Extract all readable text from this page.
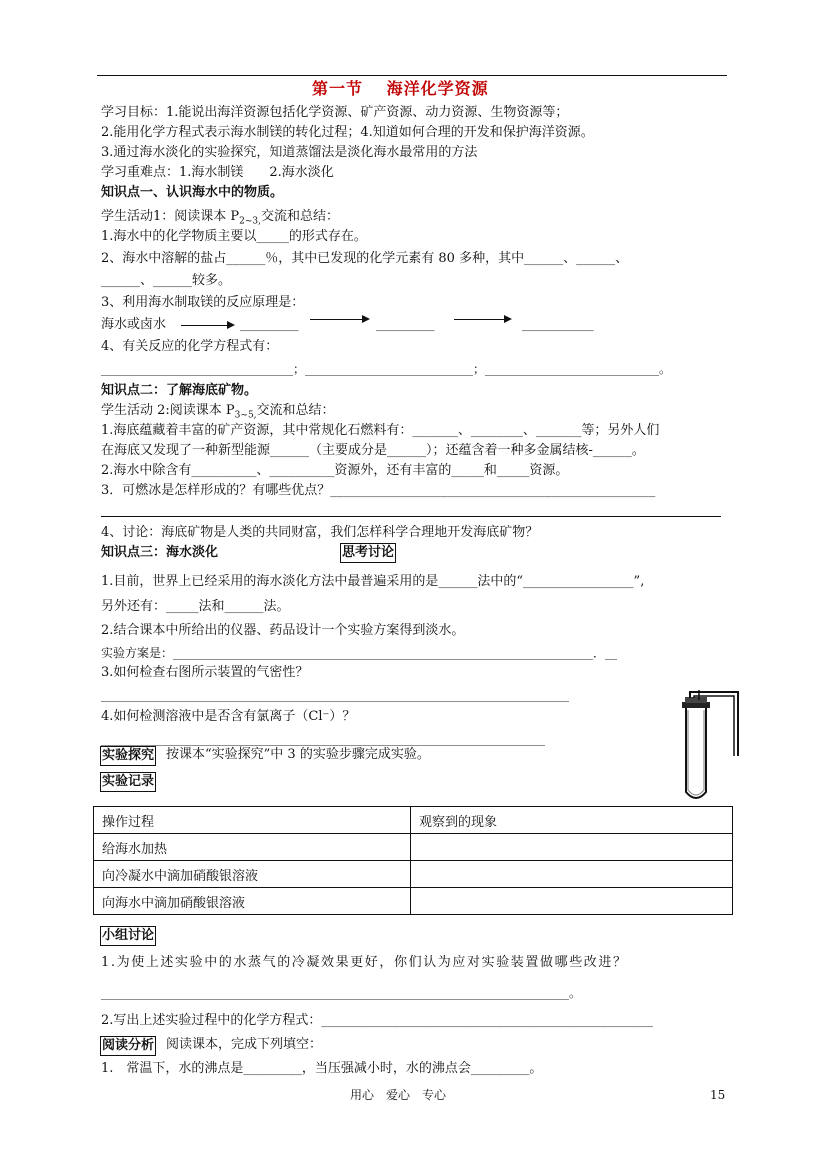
第一节　 海洋化学资源
学习目标：1.能说出海洋资源包括化学资源、矿产资源、动力资源、生物资源等；
2.能用化学方程式表示海水制镁的转化过程；4.知道如何合理的开发和保护海洋资源。
3.通过海水淡化的实验探究，知道蒸馏法是淡化海水最常用的方法
学习重难点：1.海水制镁　　2.海水淡化
知识点一、认识海水中的物质。
学生活动1：阅读课本 $P_{2\sim 3,}$交流和总结：
1.海水中的化学物质主要以_____的形式存在。
2、海水中溶解的盐占______％，其中已发现的化学元素有 80 多种，其中______、______、
______、______较多。
3、利用海水制取镁的反应原理是：
海水或卤水	_________	_________	___________
4、有关反应的化学方程式有：
________________________________；____________________________；_____________________________。
知识点二：了解海底矿物。
学生活动 2:阅读课本 $P_{3\sim 5,}$交流和总结：
1.海底蕴藏着丰富的矿产资源，其中常规化石燃料有：_______、________、_______等；另外人们
在海底又发现了一种新型能源______（主要成分是______）；还蕴含着一种多金属结核-______。
2.海水中除含有__________、__________资源外，还有丰富的_____和_____资源。
3．可燃冰是怎样形成的？有哪些优点？__________________________________________________
4、讨论：海底矿物是人类的共同财富，我们怎样科学合理地开发海底矿物？
知识点三：海水淡化	思考讨论
1.目前，世界上已经采用的海水淡化方法中最普遍采用的是______法中的“_________________”,
另外还有：_____法和______法。
2.结合课本中所给出的仪器、药品设计一个实验方案得到淡水。
实验方案是：______________________________________________________________________．__
3.如何检查右图所示装置的气密性？
______________________________________________________________________________
4.如何检测溶液中是否含有氯离子（Cl⁻）？
__________________________________________________________________________
实验探究 按课本“实验探究”中 3 的实验步骤完成实验。
实验记录
操作过程	观察到的现象
给海水加热	
向冷凝水中滴加硝酸银溶液	
向海水中滴加硝酸银溶液	
小组讨论
1.为使上述实验中的水蒸气的冷凝效果更好，你们认为应对实验装置做哪些改进？
______________________________________________________________________________。
2.写出上述实验过程中的化学方程式：___________________________________________________
阅读分析 阅读课本，完成下列填空：
1.　常温下，水的沸点是_________，当压强减小时，水的沸点会_________。
用心　爱心　专心	15
